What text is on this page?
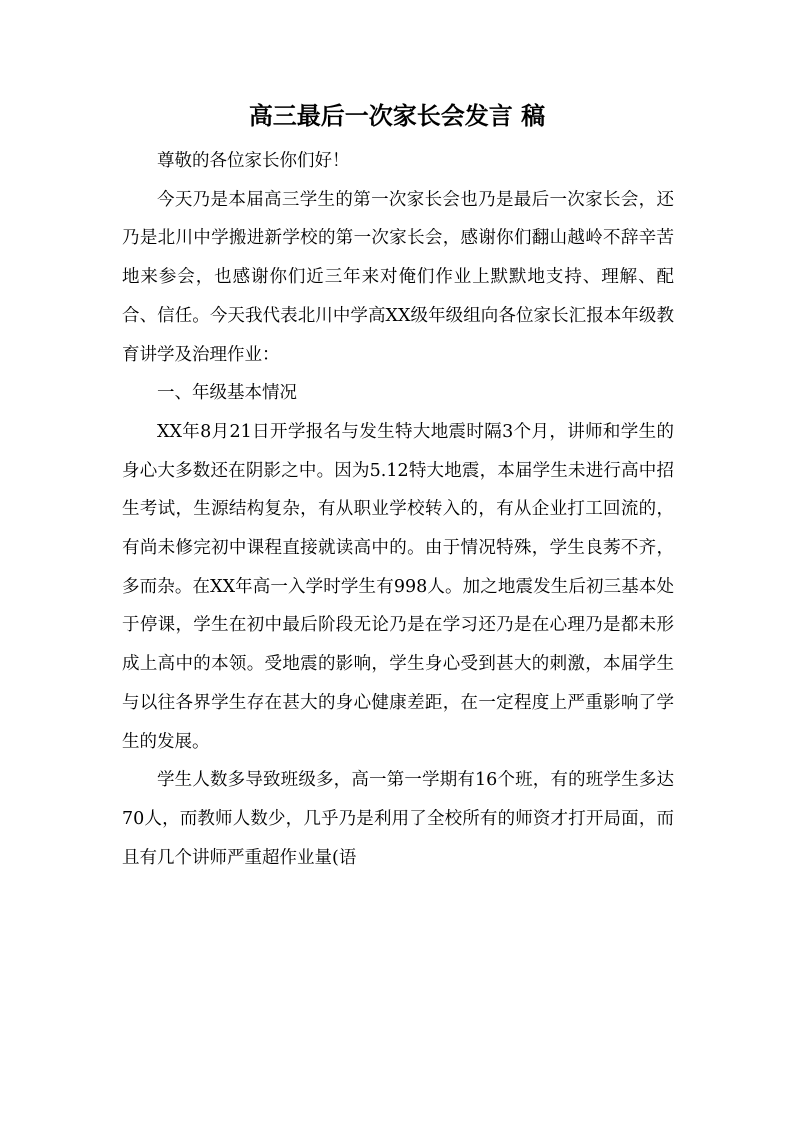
高三最后一次家长会发言 稿

尊敬的各位家长你们好！

今天乃是本届高三学生的第一次家长会也乃是最后一次家长会，还乃是北川中学搬进新学校的第一次家长会，感谢你们翻山越岭不辞辛苦地来参会，也感谢你们近三年来对俺们作业上默默地支持、理解、配合、信任。今天我代表北川中学高XX级年级组向各位家长汇报本年级教育讲学及治理作业：

一、年级基本情况

XX年8月21日开学报名与发生特大地震时隔3个月，讲师和学生的身心大多数还在阴影之中。因为5.12特大地震，本届学生未进行高中招生考试，生源结构复杂，有从职业学校转入的，有从企业打工回流的，有尚未修完初中课程直接就读高中的。由于情况特殊，学生良莠不齐，多而杂。在XX年高一入学时学生有998人。加之地震发生后初三基本处于停课，学生在初中最后阶段无论乃是在学习还乃是在心理乃是都未形成上高中的本领。受地震的影响，学生身心受到甚大的刺激，本届学生与以往各界学生存在甚大的身心健康差距，在一定程度上严重影响了学生的发展。

学生人数多导致班级多，高一第一学期有16个班，有的班学生多达70人，而教师人数少，几乎乃是利用了全校所有的师资才打开局面，而且有几个讲师严重超作业量(语
